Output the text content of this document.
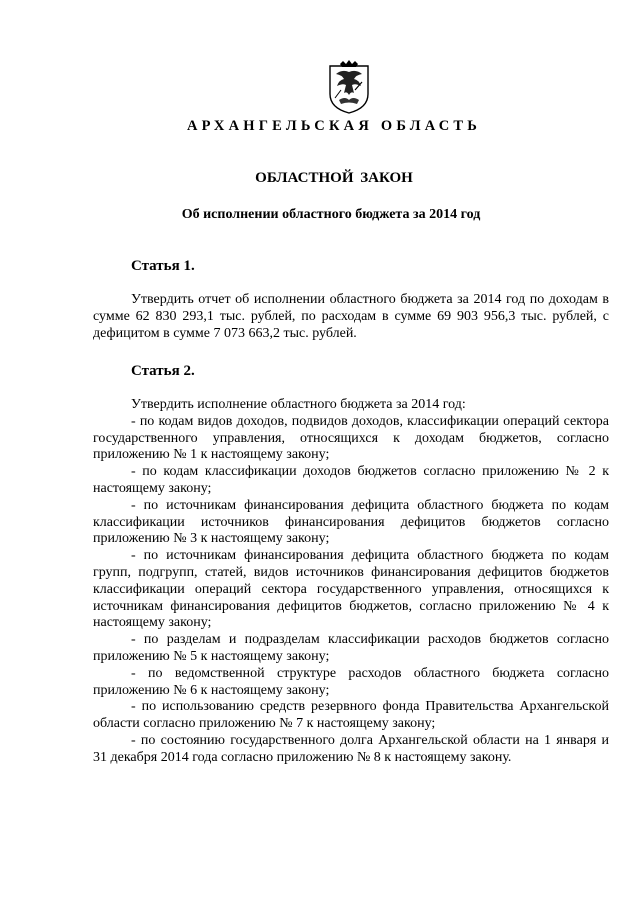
АРХАНГЕЛЬСКАЯ ОБЛАСТЬ
ОБЛАСТНОЙ ЗАКОН
Об исполнении областного бюджета за 2014 год
Статья 1.
Утвердить отчет об исполнении областного бюджета за 2014 год по доходам в сумме 62 830 293,1 тыс. рублей, по расходам в сумме 69 903 956,3 тыс. рублей, с дефицитом в сумме 7 073 663,2 тыс. рублей.
Статья 2.
Утвердить исполнение областного бюджета за 2014 год:
- по кодам видов доходов, подвидов доходов, классификации операций сектора государственного управления, относящихся к доходам бюджетов, согласно приложению № 1 к настоящему закону;
- по кодам классификации доходов бюджетов согласно приложению № 2 к настоящему закону;
- по источникам финансирования дефицита областного бюджета по кодам классификации источников финансирования дефицитов бюджетов согласно приложению № 3 к настоящему закону;
- по источникам финансирования дефицита областного бюджета по кодам групп, подгрупп, статей, видов источников финансирования дефицитов бюджетов классификации операций сектора государственного управления, относящихся к источникам финансирования дефицитов бюджетов, согласно приложению № 4 к настоящему закону;
- по разделам и подразделам классификации расходов бюджетов согласно приложению № 5 к настоящему закону;
- по ведомственной структуре расходов областного бюджета согласно приложению № 6 к настоящему закону;
- по использованию средств резервного фонда Правительства Архангельской области согласно приложению № 7 к настоящему закону;
- по состоянию государственного долга Архангельской области на 1 января и 31 декабря 2014 года согласно приложению № 8 к настоящему закону.
